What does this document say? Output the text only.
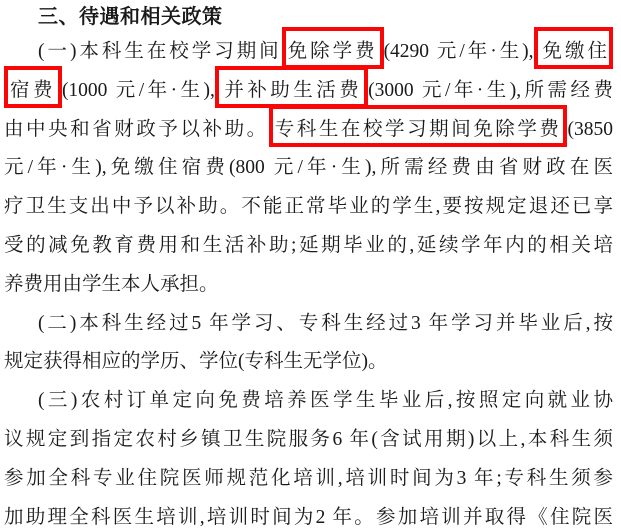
三、待遇和相关政策
(一)本科生在校学习期间 免除学费 (4290 元/年·生), 免缴住
宿费 (1000 元/年·生), 并补助生活费 (3000 元/年·生),所需经费
由中央和省财政予以补助。 专科生在校学习期间免除学费 (3850
元/年·生),免缴住宿费(800 元/年·生),所需经费由省财政在医
疗卫生支出中予以补助。不能正常毕业的学生,要按规定退还已享
受的减免教育费用和生活补助;延期毕业的,延续学年内的相关培
养费用由学生本人承担。
(二)本科生经过5 年学习、专科生经过3 年学习并毕业后,按
规定获得相应的学历、学位(专科生无学位)。
(三)农村订单定向免费培养医学生毕业后,按照定向就业协
议规定到指定农村乡镇卫生院服务6 年(含试用期)以上,本科生须
参加全科专业住院医师规范化培训,培训时间为3 年;专科生须参
加助理全科医生培训,培训时间为2 年。参加培训并取得《住院医
